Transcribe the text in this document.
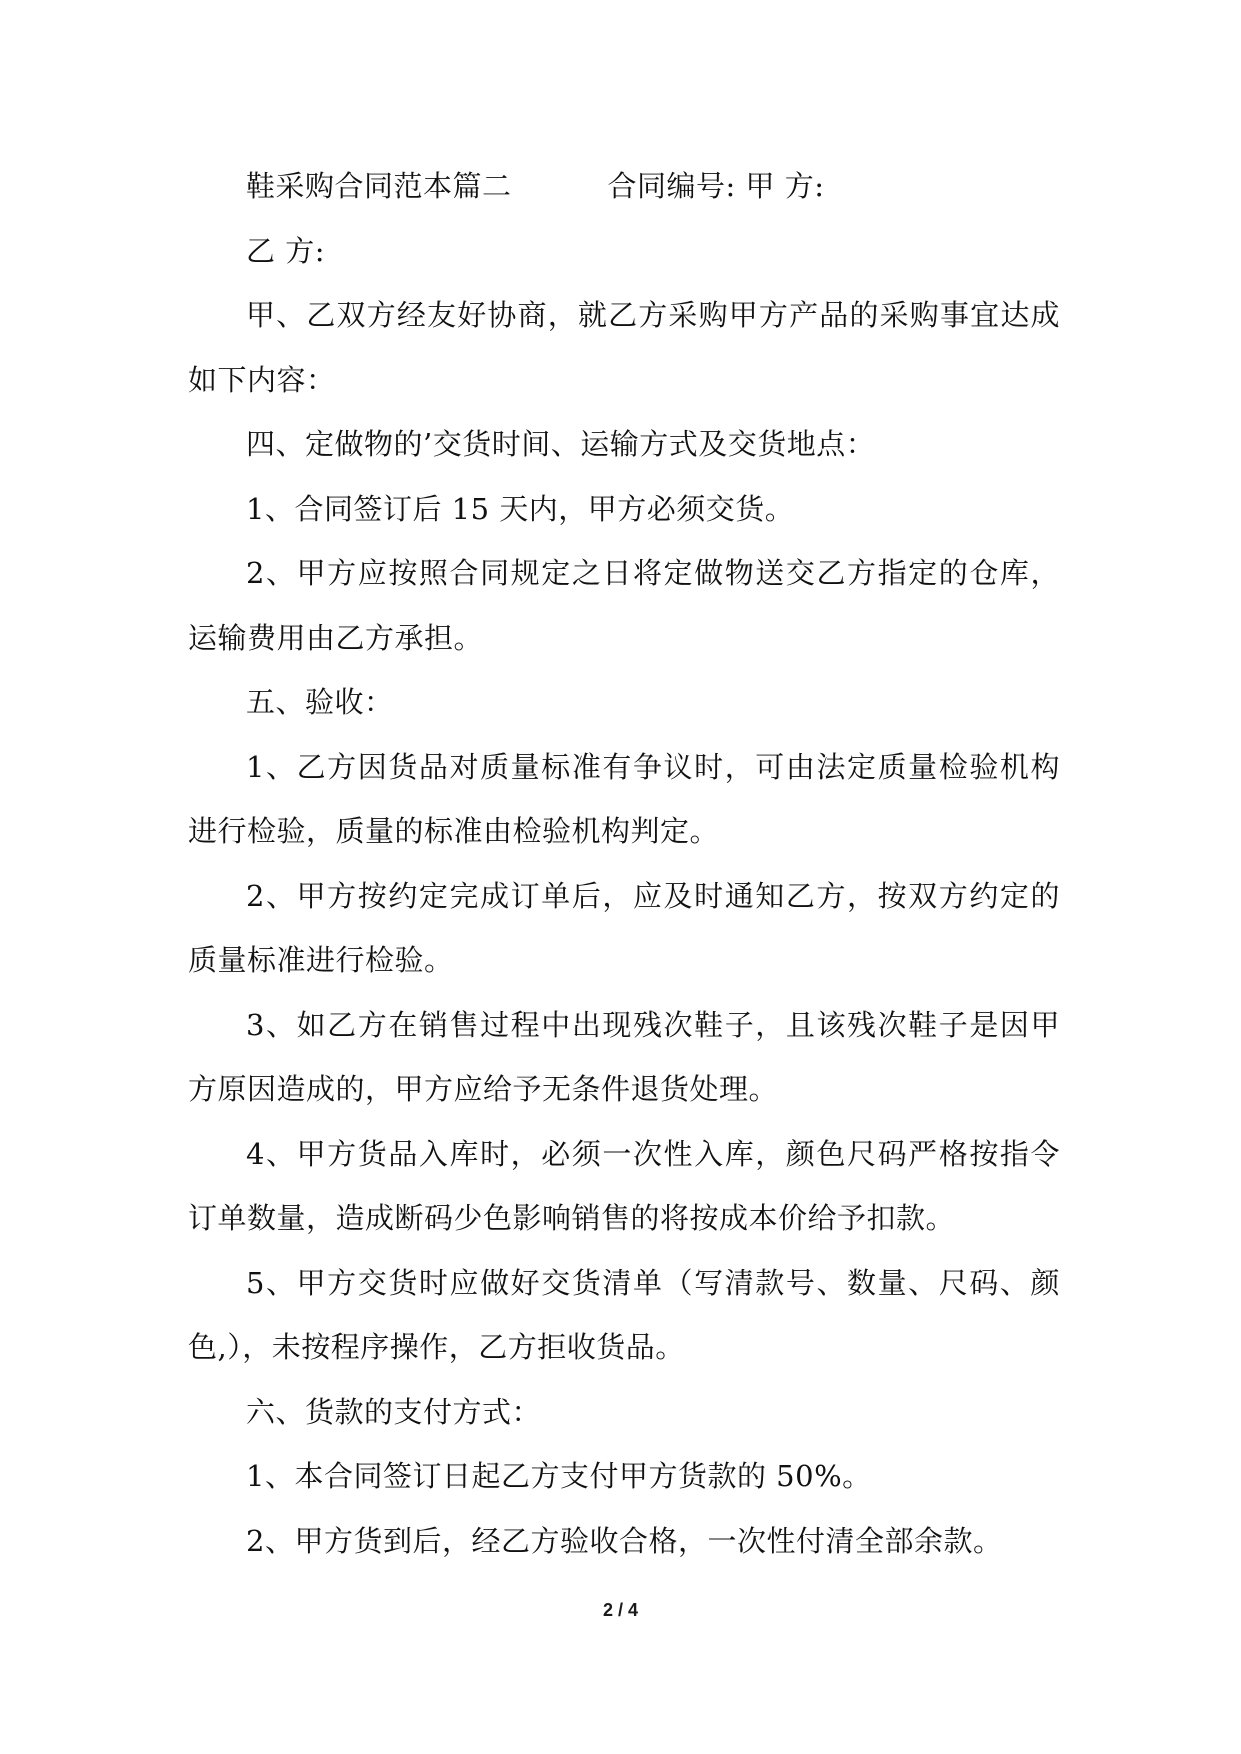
鞋采购合同范本篇二	合同编号: 甲 方:

乙 方:

甲、乙双方经友好协商，就乙方采购甲方产品的采购事宜达成如下内容：

四、定做物的’交货时间、运输方式及交货地点：

1、合同签订后 15 天内，甲方必须交货。

2、甲方应按照合同规定之日将定做物送交乙方指定的仓库，运输费用由乙方承担。

五、验收：

1、乙方因货品对质量标准有争议时，可由法定质量检验机构进行检验，质量的标准由检验机构判定。

2、甲方按约定完成订单后，应及时通知乙方，按双方约定的质量标准进行检验。

3、如乙方在销售过程中出现残次鞋子，且该残次鞋子是因甲方原因造成的，甲方应给予无条件退货处理。

4、甲方货品入库时，必须一次性入库，颜色尺码严格按指令订单数量，造成断码少色影响销售的将按成本价给予扣款。

5、甲方交货时应做好交货清单（写清款号、数量、尺码、颜色,），未按程序操作，乙方拒收货品。

六、货款的支付方式：

1、本合同签订日起乙方支付甲方货款的 50%。

2、甲方货到后，经乙方验收合格，一次性付清全部余款。

2 / 4
